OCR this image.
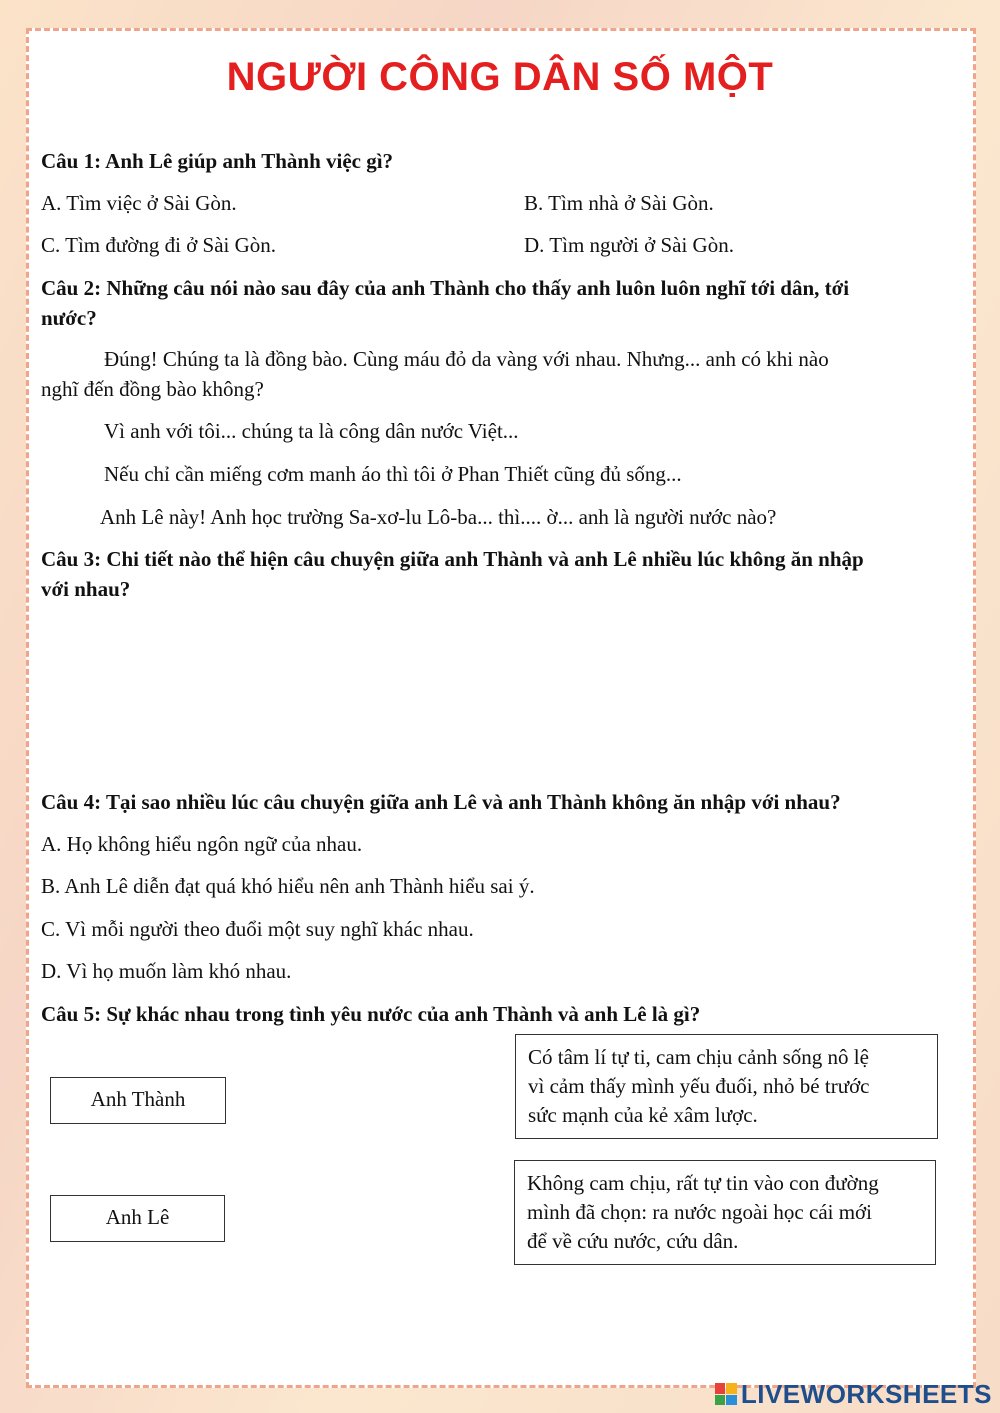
NGƯỜI CÔNG DÂN SỐ MỘT
Câu 1: Anh Lê giúp anh Thành việc gì?
A. Tìm việc ở Sài Gòn.	B. Tìm nhà ở Sài Gòn.
C. Tìm đường đi ở Sài Gòn.	D. Tìm người ở Sài Gòn.
Câu 2: Những câu nói nào sau đây của anh Thành cho thấy anh luôn luôn nghĩ tới dân, tới
nước?
Đúng! Chúng ta là đồng bào. Cùng máu đỏ da vàng với nhau. Nhưng... anh có khi nào
nghĩ đến đồng bào không?
Vì anh với tôi... chúng ta là công dân nước Việt...
Nếu chỉ cần miếng cơm manh áo thì tôi ở Phan Thiết cũng đủ sống...
Anh Lê này! Anh học trường Sa-xơ-lu Lô-ba... thì.... ờ... anh là người nước nào?
Câu 3: Chi tiết nào thể hiện câu chuyện giữa anh Thành và anh Lê nhiều lúc không ăn nhập
với nhau?
Câu 4: Tại sao nhiều lúc câu chuyện giữa anh Lê và anh Thành không ăn nhập với nhau?
A. Họ không hiểu ngôn ngữ của nhau.
B. Anh Lê diễn đạt quá khó hiểu nên anh Thành hiểu sai ý.
C. Vì mỗi người theo đuổi một suy nghĩ khác nhau.
D. Vì họ muốn làm khó nhau.
Câu 5: Sự khác nhau trong tình yêu nước của anh Thành và anh Lê là gì?
Anh Thành
Anh Lê
Có tâm lí tự ti, cam chịu cảnh sống nô lệ
vì cảm thấy mình yếu đuối, nhỏ bé trước
sức mạnh của kẻ xâm lược.
Không cam chịu, rất tự tin vào con đường
mình đã chọn: ra nước ngoài học cái mới
để về cứu nước, cứu dân.
LIVEWORKSHEETS
